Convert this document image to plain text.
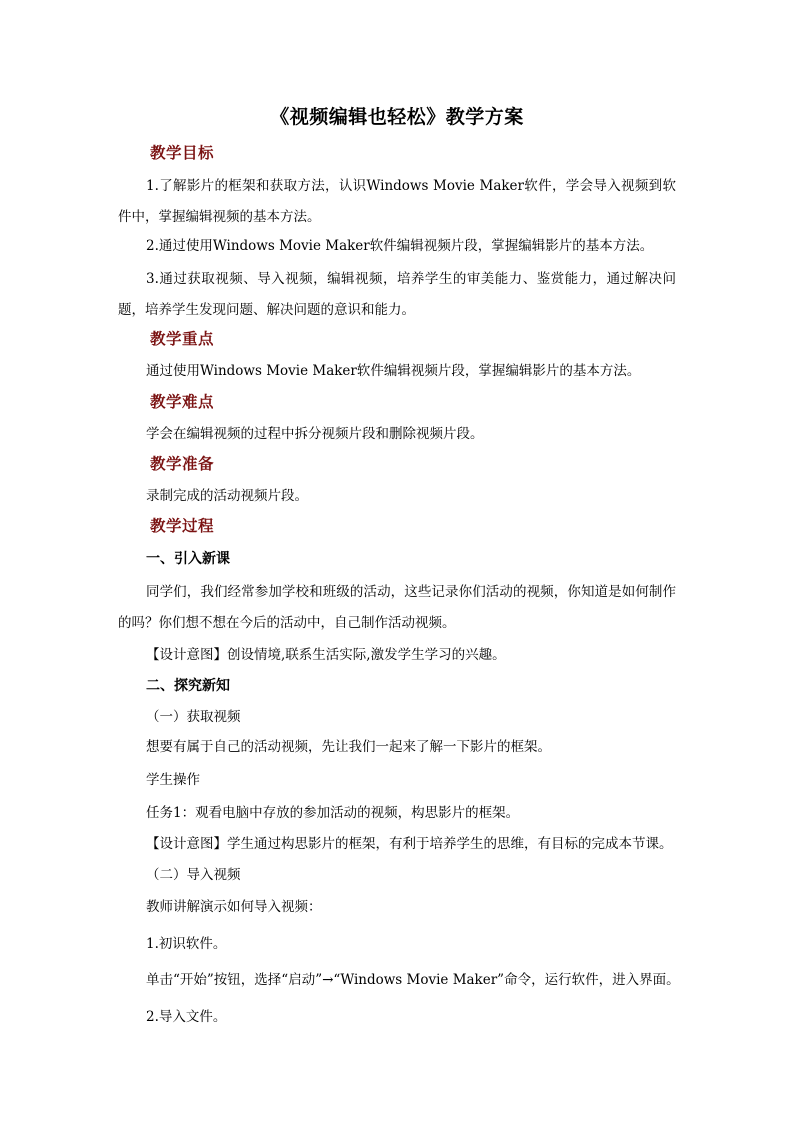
《视频编辑也轻松》教学方案
教学目标
1.了解影片的框架和获取方法，认识Windows Movie Maker软件，学会导入视频到软件中，掌握编辑视频的基本方法。
2.通过使用Windows Movie Maker软件编辑视频片段，掌握编辑影片的基本方法。
3.通过获取视频、导入视频，编辑视频，培养学生的审美能力、鉴赏能力，通过解决问题，培养学生发现问题、解决问题的意识和能力。
教学重点
通过使用Windows Movie Maker软件编辑视频片段，掌握编辑影片的基本方法。
教学难点
学会在编辑视频的过程中拆分视频片段和删除视频片段。
教学准备
录制完成的活动视频片段。
教学过程
一、引入新课
同学们，我们经常参加学校和班级的活动，这些记录你们活动的视频，你知道是如何制作的吗？你们想不想在今后的活动中，自己制作活动视频。
【设计意图】创设情境,联系生活实际,激发学生学习的兴趣。
二、探究新知
（一）获取视频
想要有属于自己的活动视频，先让我们一起来了解一下影片的框架。
学生操作
任务1：观看电脑中存放的参加活动的视频，构思影片的框架。
【设计意图】学生通过构思影片的框架，有利于培养学生的思维，有目标的完成本节课。
（二）导入视频
教师讲解演示如何导入视频：
1.初识软件。
单击“开始”按钮，选择“启动”→“Windows Movie Maker”命令，运行软件，进入界面。
2.导入文件。
